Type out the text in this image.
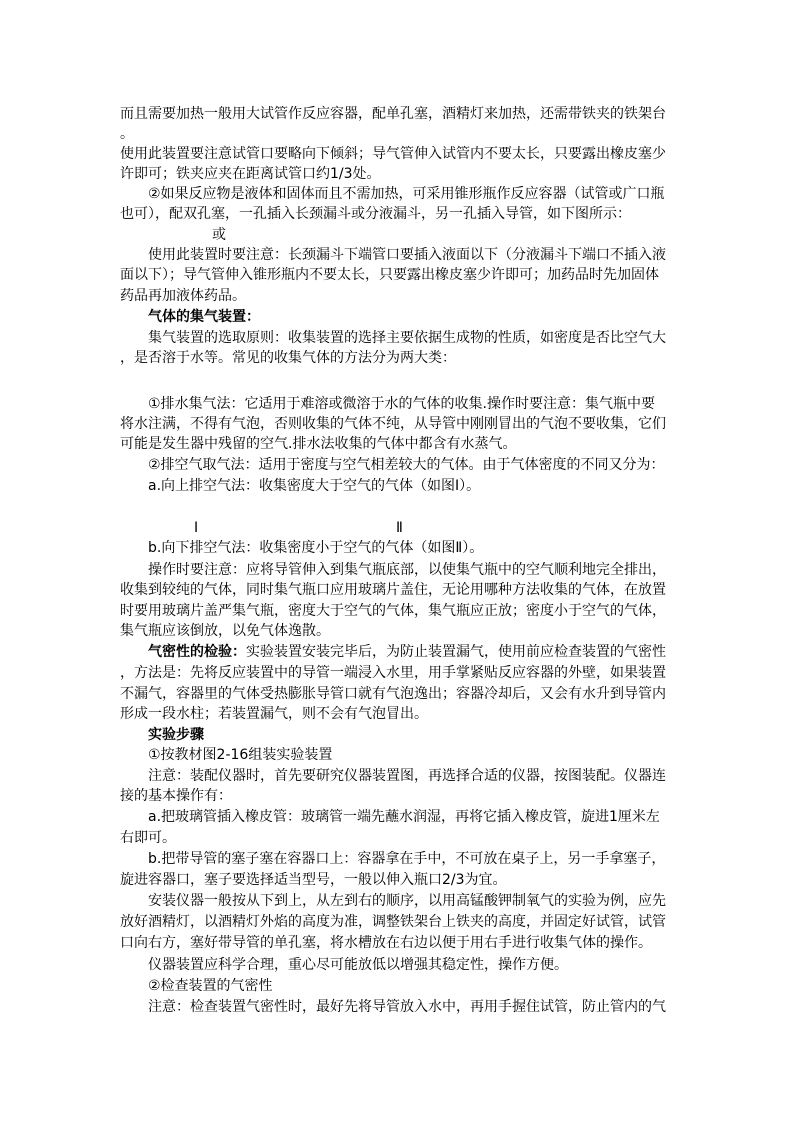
而且需要加热一般用大试管作反应容器，配单孔塞，酒精灯来加热，还需带铁夹的铁架台
。
使用此装置要注意试管口要略向下倾斜；导气管伸入试管内不要太长，只要露出橡皮塞少
许即可；铁夹应夹在距离试管口约1/3处。
②如果反应物是液体和固体而且不需加热，可采用锥形瓶作反应容器（试管或广口瓶
也可），配双孔塞，一孔插入长颈漏斗或分液漏斗，另一孔插入导管，如下图所示：
或
使用此装置时要注意：长颈漏斗下端管口要插入液面以下（分液漏斗下端口不插入液
面以下）；导气管伸入锥形瓶内不要太长，只要露出橡皮塞少许即可；加药品时先加固体
药品再加液体药品。
气体的集气装置：
集气装置的选取原则：收集装置的选择主要依据生成物的性质，如密度是否比空气大
，是否溶于水等。常见的收集气体的方法分为两大类：
①排水集气法：它适用于难溶或微溶于水的气体的收集.操作时要注意：集气瓶中要
将水注满，不得有气泡，否则收集的气体不纯，从导管中刚刚冒出的气泡不要收集，它们
可能是发生器中残留的空气.排水法收集的气体中都含有水蒸气。
②排空气取气法：适用于密度与空气相差较大的气体。由于气体密度的不同又分为：
a.向上排空气法：收集密度大于空气的气体（如图Ⅰ）。
Ⅰ	Ⅱ
b.向下排空气法：收集密度小于空气的气体（如图Ⅱ）。
操作时要注意：应将导管伸入到集气瓶底部，以使集气瓶中的空气顺利地完全排出，
收集到较纯的气体，同时集气瓶口应用玻璃片盖住，无论用哪种方法收集的气体，在放置
时要用玻璃片盖严集气瓶，密度大于空气的气体，集气瓶应正放；密度小于空气的气体，
集气瓶应该倒放，以免气体逸散。
气密性的检验：实验装置安装完毕后，为防止装置漏气，使用前应检查装置的气密性
，方法是：先将反应装置中的导管一端浸入水里，用手掌紧贴反应容器的外壁，如果装置
不漏气，容器里的气体受热膨胀导管口就有气泡逸出；容器冷却后，又会有水升到导管内
形成一段水柱；若装置漏气，则不会有气泡冒出。
实验步骤
①按教材图2-16组装实验装置
注意：装配仪器时，首先要研究仪器装置图，再选择合适的仪器，按图装配。仪器连
接的基本操作有：
a.把玻璃管插入橡皮管：玻璃管一端先蘸水润湿，再将它插入橡皮管，旋进1厘米左
右即可。
b.把带导管的塞子塞在容器口上：容器拿在手中，不可放在桌子上，另一手拿塞子，
旋进容器口，塞子要选择适当型号，一般以伸入瓶口2/3为宜。
安装仪器一般按从下到上，从左到右的顺序，以用高锰酸钾制氧气的实验为例，应先
放好酒精灯，以酒精灯外焰的高度为准，调整铁架台上铁夹的高度，并固定好试管，试管
口向右方，塞好带导管的单孔塞，将水槽放在右边以便于用右手进行收集气体的操作。
仪器装置应科学合理，重心尽可能放低以增强其稳定性，操作方便。
②检查装置的气密性
注意：检查装置气密性时，最好先将导管放入水中，再用手握住试管，防止管内的气
